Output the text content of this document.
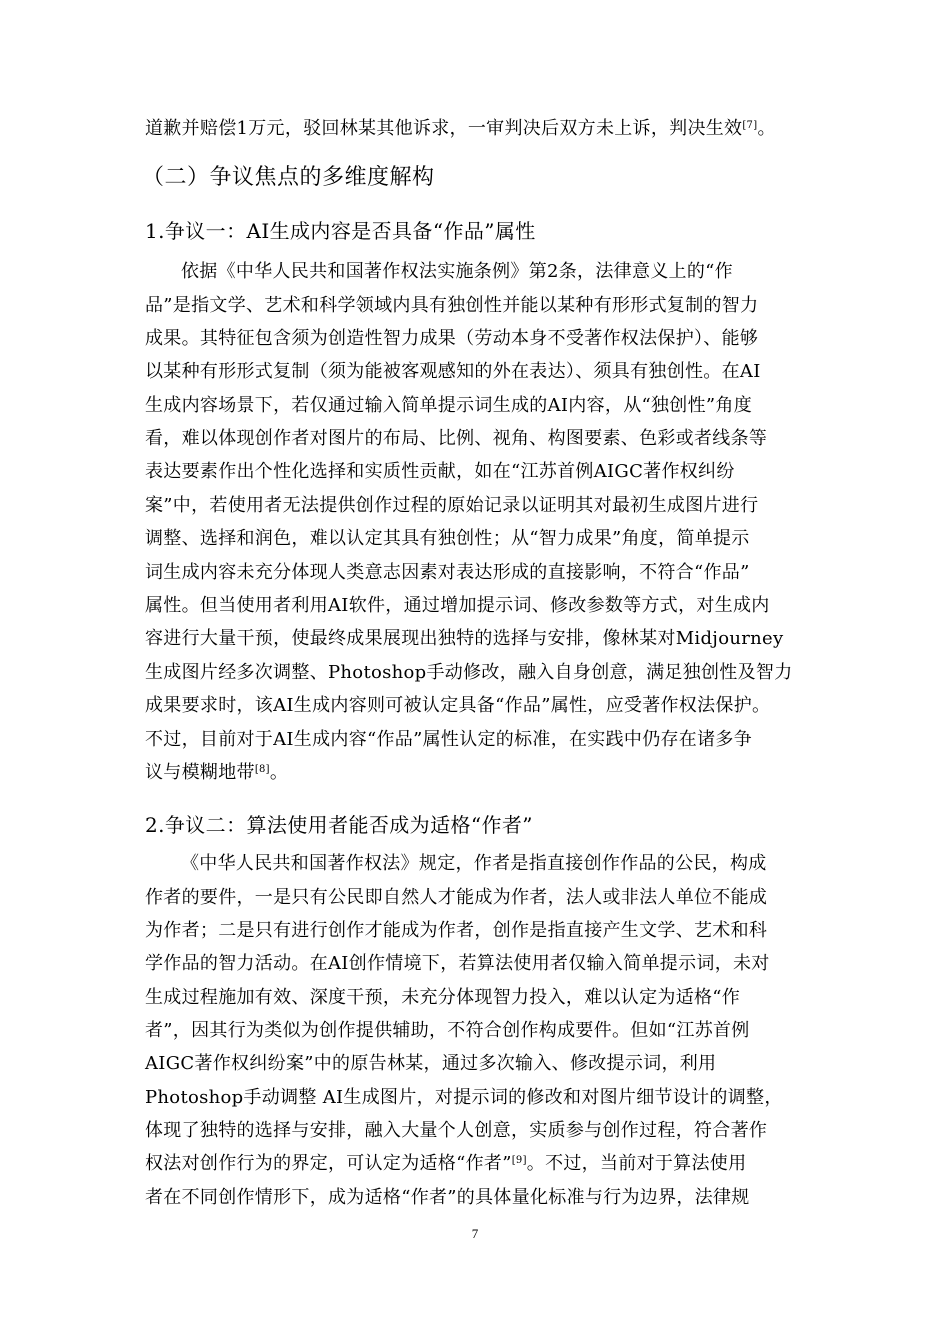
道歉并赔偿1万元，驳回林某其他诉求，一审判决后双方未上诉，判决生效[7]。
（二）争议焦点的多维度解构
1.争议一：AI生成内容是否具备“作品”属性
依据《中华人民共和国著作权法实施条例》第2条，法律意义上的“作
品”是指文学、艺术和科学领域内具有独创性并能以某种有形形式复制的智力
成果。其特征包含须为创造性智力成果（劳动本身不受著作权法保护）、能够
以某种有形形式复制（须为能被客观感知的外在表达）、须具有独创性。在AI
生成内容场景下，若仅通过输入简单提示词生成的AI内容，从“独创性”角度
看，难以体现创作者对图片的布局、比例、视角、构图要素、色彩或者线条等
表达要素作出个性化选择和实质性贡献，如在“江苏首例AIGC著作权纠纷
案”中，若使用者无法提供创作过程的原始记录以证明其对最初生成图片进行
调整、选择和润色，难以认定其具有独创性；从“智力成果”角度，简单提示
词生成内容未充分体现人类意志因素对表达形成的直接影响，不符合“作品”
属性。但当使用者利用AI软件，通过增加提示词、修改参数等方式，对生成内
容进行大量干预，使最终成果展现出独特的选择与安排，像林某对Midjourney
生成图片经多次调整、Photoshop手动修改，融入自身创意，满足独创性及智力
成果要求时，该AI生成内容则可被认定具备“作品”属性，应受著作权法保护。
不过，目前对于AI生成内容“作品”属性认定的标准，在实践中仍存在诸多争
议与模糊地带[8]。
2.争议二：算法使用者能否成为适格“作者”
《中华人民共和国著作权法》规定，作者是指直接创作作品的公民，构成
作者的要件，一是只有公民即自然人才能成为作者，法人或非法人单位不能成
为作者；二是只有进行创作才能成为作者，创作是指直接产生文学、艺术和科
学作品的智力活动。在AI创作情境下，若算法使用者仅输入简单提示词，未对
生成过程施加有效、深度干预，未充分体现智力投入，难以认定为适格“作
者”，因其行为类似为创作提供辅助，不符合创作构成要件。但如“江苏首例
AIGC著作权纠纷案”中的原告林某，通过多次输入、修改提示词，利用
Photoshop手动调整 AI生成图片，对提示词的修改和对图片细节设计的调整，
体现了独特的选择与安排，融入大量个人创意，实质参与创作过程，符合著作
权法对创作行为的界定，可认定为适格“作者”[9]。不过，当前对于算法使用
者在不同创作情形下，成为适格“作者”的具体量化标准与行为边界，法律规
7
